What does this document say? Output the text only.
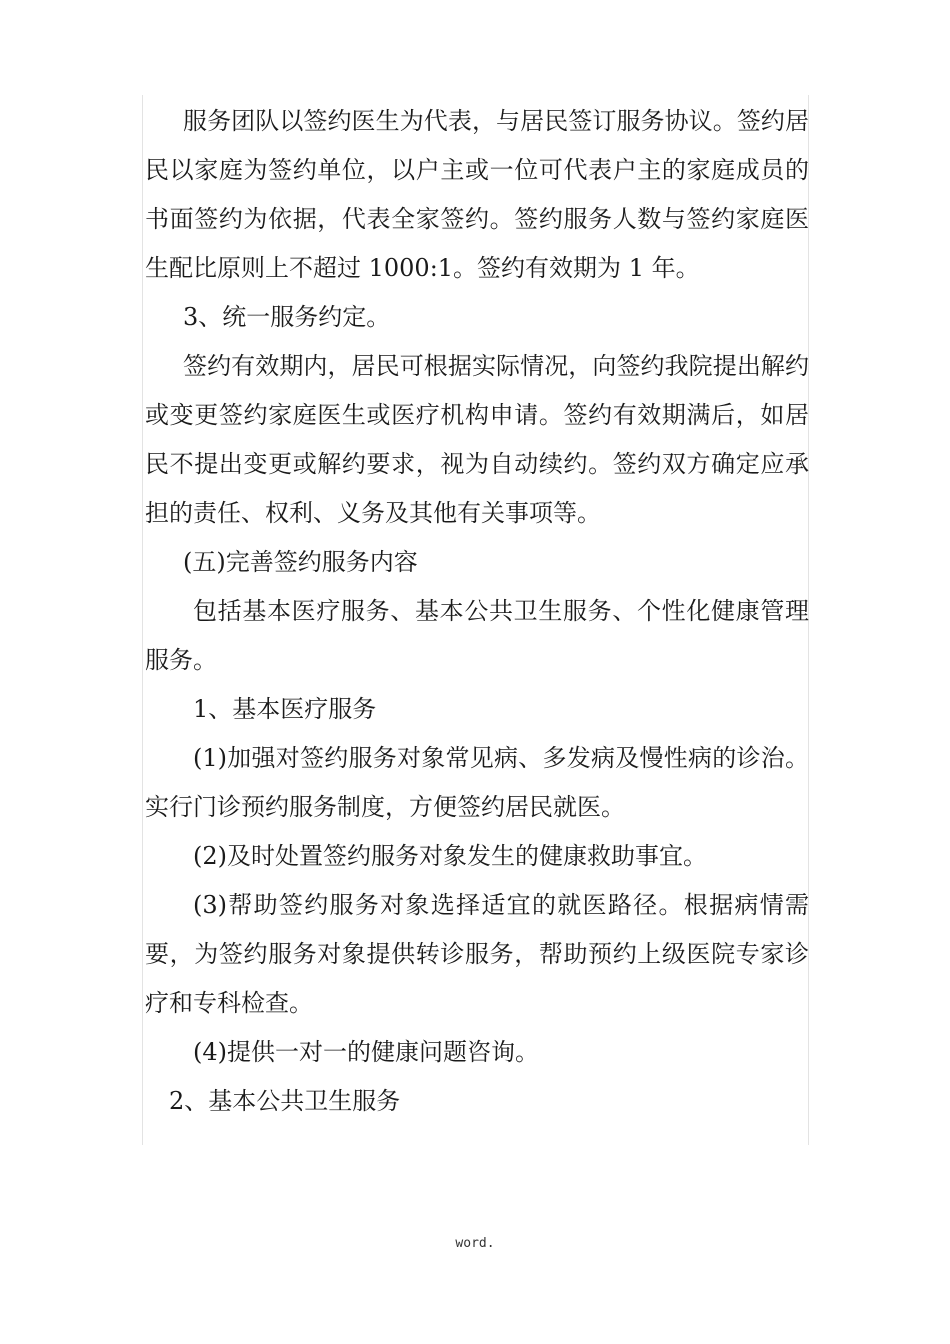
服务团队以签约医生为代表，与居民签订服务协议。签约居民以家庭为签约单位，以户主或一位可代表户主的家庭成员的书面签约为依据，代表全家签约。签约服务人数与签约家庭医生配比原则上不超过 1000:1。签约有效期为 1 年。

3、统一服务约定。

签约有效期内，居民可根据实际情况，向签约我院提出解约或变更签约家庭医生或医疗机构申请。签约有效期满后，如居民不提出变更或解约要求，视为自动续约。签约双方确定应承担的责任、权利、义务及其他有关事项等。

(五)完善签约服务内容

包括基本医疗服务、基本公共卫生服务、个性化健康管理服务。

1、基本医疗服务

(1)加强对签约服务对象常见病、多发病及慢性病的诊治。实行门诊预约服务制度，方便签约居民就医。

(2)及时处置签约服务对象发生的健康救助事宜。

(3)帮助签约服务对象选择适宜的就医路径。根据病情需要，为签约服务对象提供转诊服务，帮助预约上级医院专家诊疗和专科检查。

(4)提供一对一的健康问题咨询。

2、基本公共卫生服务

word.
